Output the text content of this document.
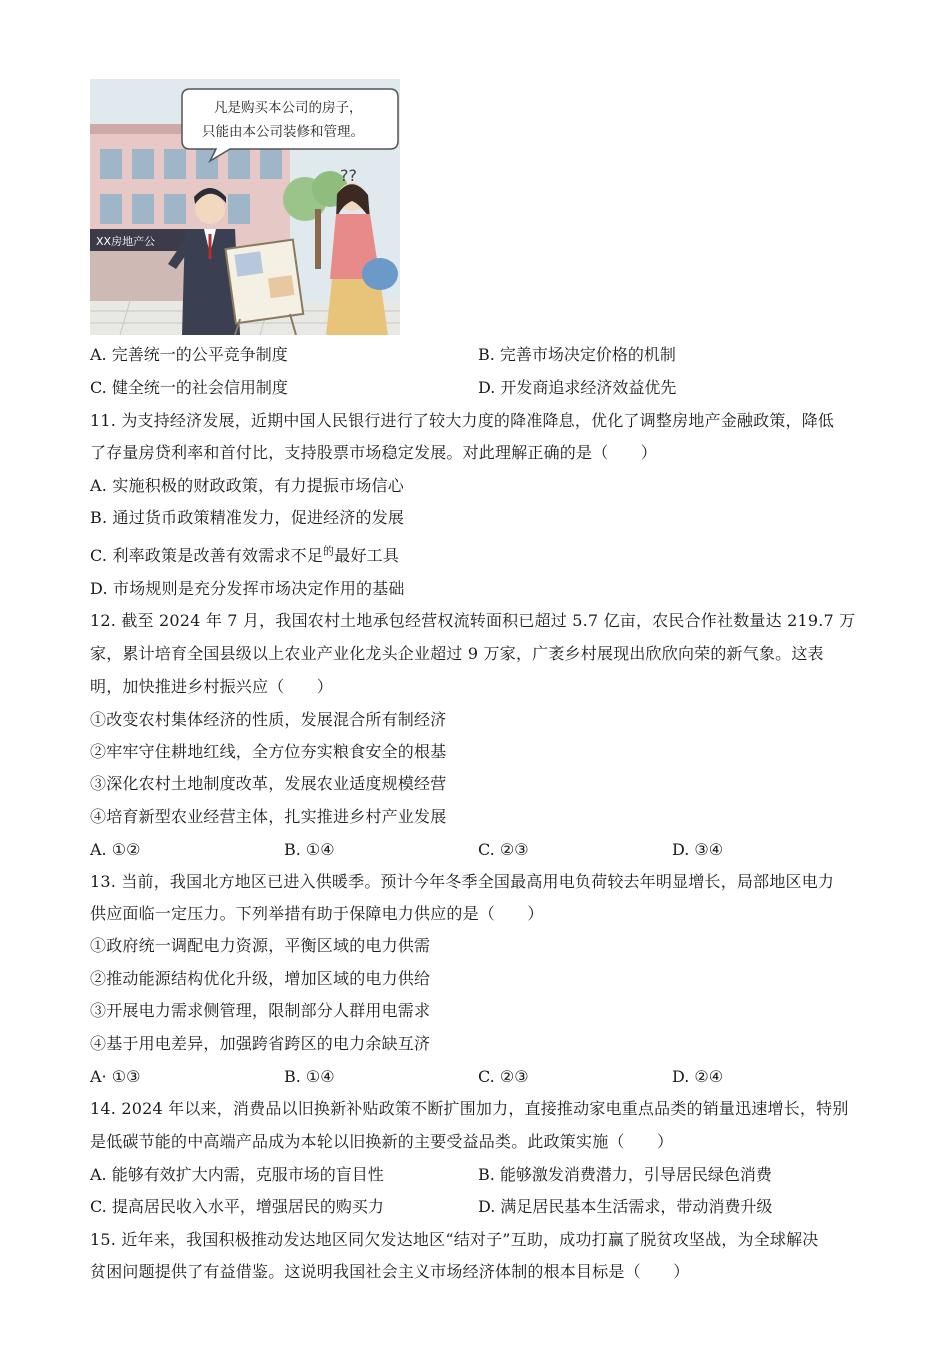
XX房地产公
凡是购买本公司的房子，
只能由本公司装修和管理。
??
A. 完善统一的公平竞争制度	B. 完善市场决定价格的机制
C. 健全统一的社会信用制度	D. 开发商追求经济效益优先
11. 为支持经济发展，近期中国人民银行进行了较大力度的降准降息，优化了调整房地产金融政策，降低
了存量房贷利率和首付比，支持股票市场稳定发展。对此理解正确的是（　　）
A. 实施积极的财政政策，有力提振市场信心
B. 通过货币政策精准发力，促进经济的发展
C. 利率政策是改善有效需求不足$^的$最好工具
D. 市场规则是充分发挥市场决定作用的基础
12. 截至 2024 年 7 月，我国农村土地承包经营权流转面积已超过 5.7 亿亩，农民合作社数量达 219.7 万
家，累计培育全国县级以上农业产业化龙头企业超过 9 万家，广袤乡村展现出欣欣向荣的新气象。这表
明，加快推进乡村振兴应（　　）
①改变农村集体经济的性质，发展混合所有制经济
②牢牢守住耕地红线，全方位夯实粮食安全的根基
③深化农村土地制度改革，发展农业适度规模经营
④培育新型农业经营主体，扎实推进乡村产业发展
A. ①②	B. ①④	C. ②③	D. ③④
13. 当前，我国北方地区已进入供暖季。预计今年冬季全国最高用电负荷较去年明显增长，局部地区电力
供应面临一定压力。下列举措有助于保障电力供应的是（　　）
①政府统一调配电力资源，平衡区域的电力供需
②推动能源结构优化升级，增加区域的电力供给
③开展电力需求侧管理，限制部分人群用电需求
④基于用电差异，加强跨省跨区的电力余缺互济
A· ①③	B. ①④	C. ②③	D. ②④
14. 2024 年以来，消费品以旧换新补贴政策不断扩围加力，直接推动家电重点品类的销量迅速增长，特别
是低碳节能的中高端产品成为本轮以旧换新的主要受益品类。此政策实施（　　）
A. 能够有效扩大内需，克服市场的盲目性	B. 能够激发消费潜力，引导居民绿色消费
C. 提高居民收入水平，增强居民的购买力	D. 满足居民基本生活需求，带动消费升级
15. 近年来，我国积极推动发达地区同欠发达地区“结对子”互助，成功打赢了脱贫攻坚战，为全球解决
贫困问题提供了有益借鉴。这说明我国社会主义市场经济体制的根本目标是（　　）
